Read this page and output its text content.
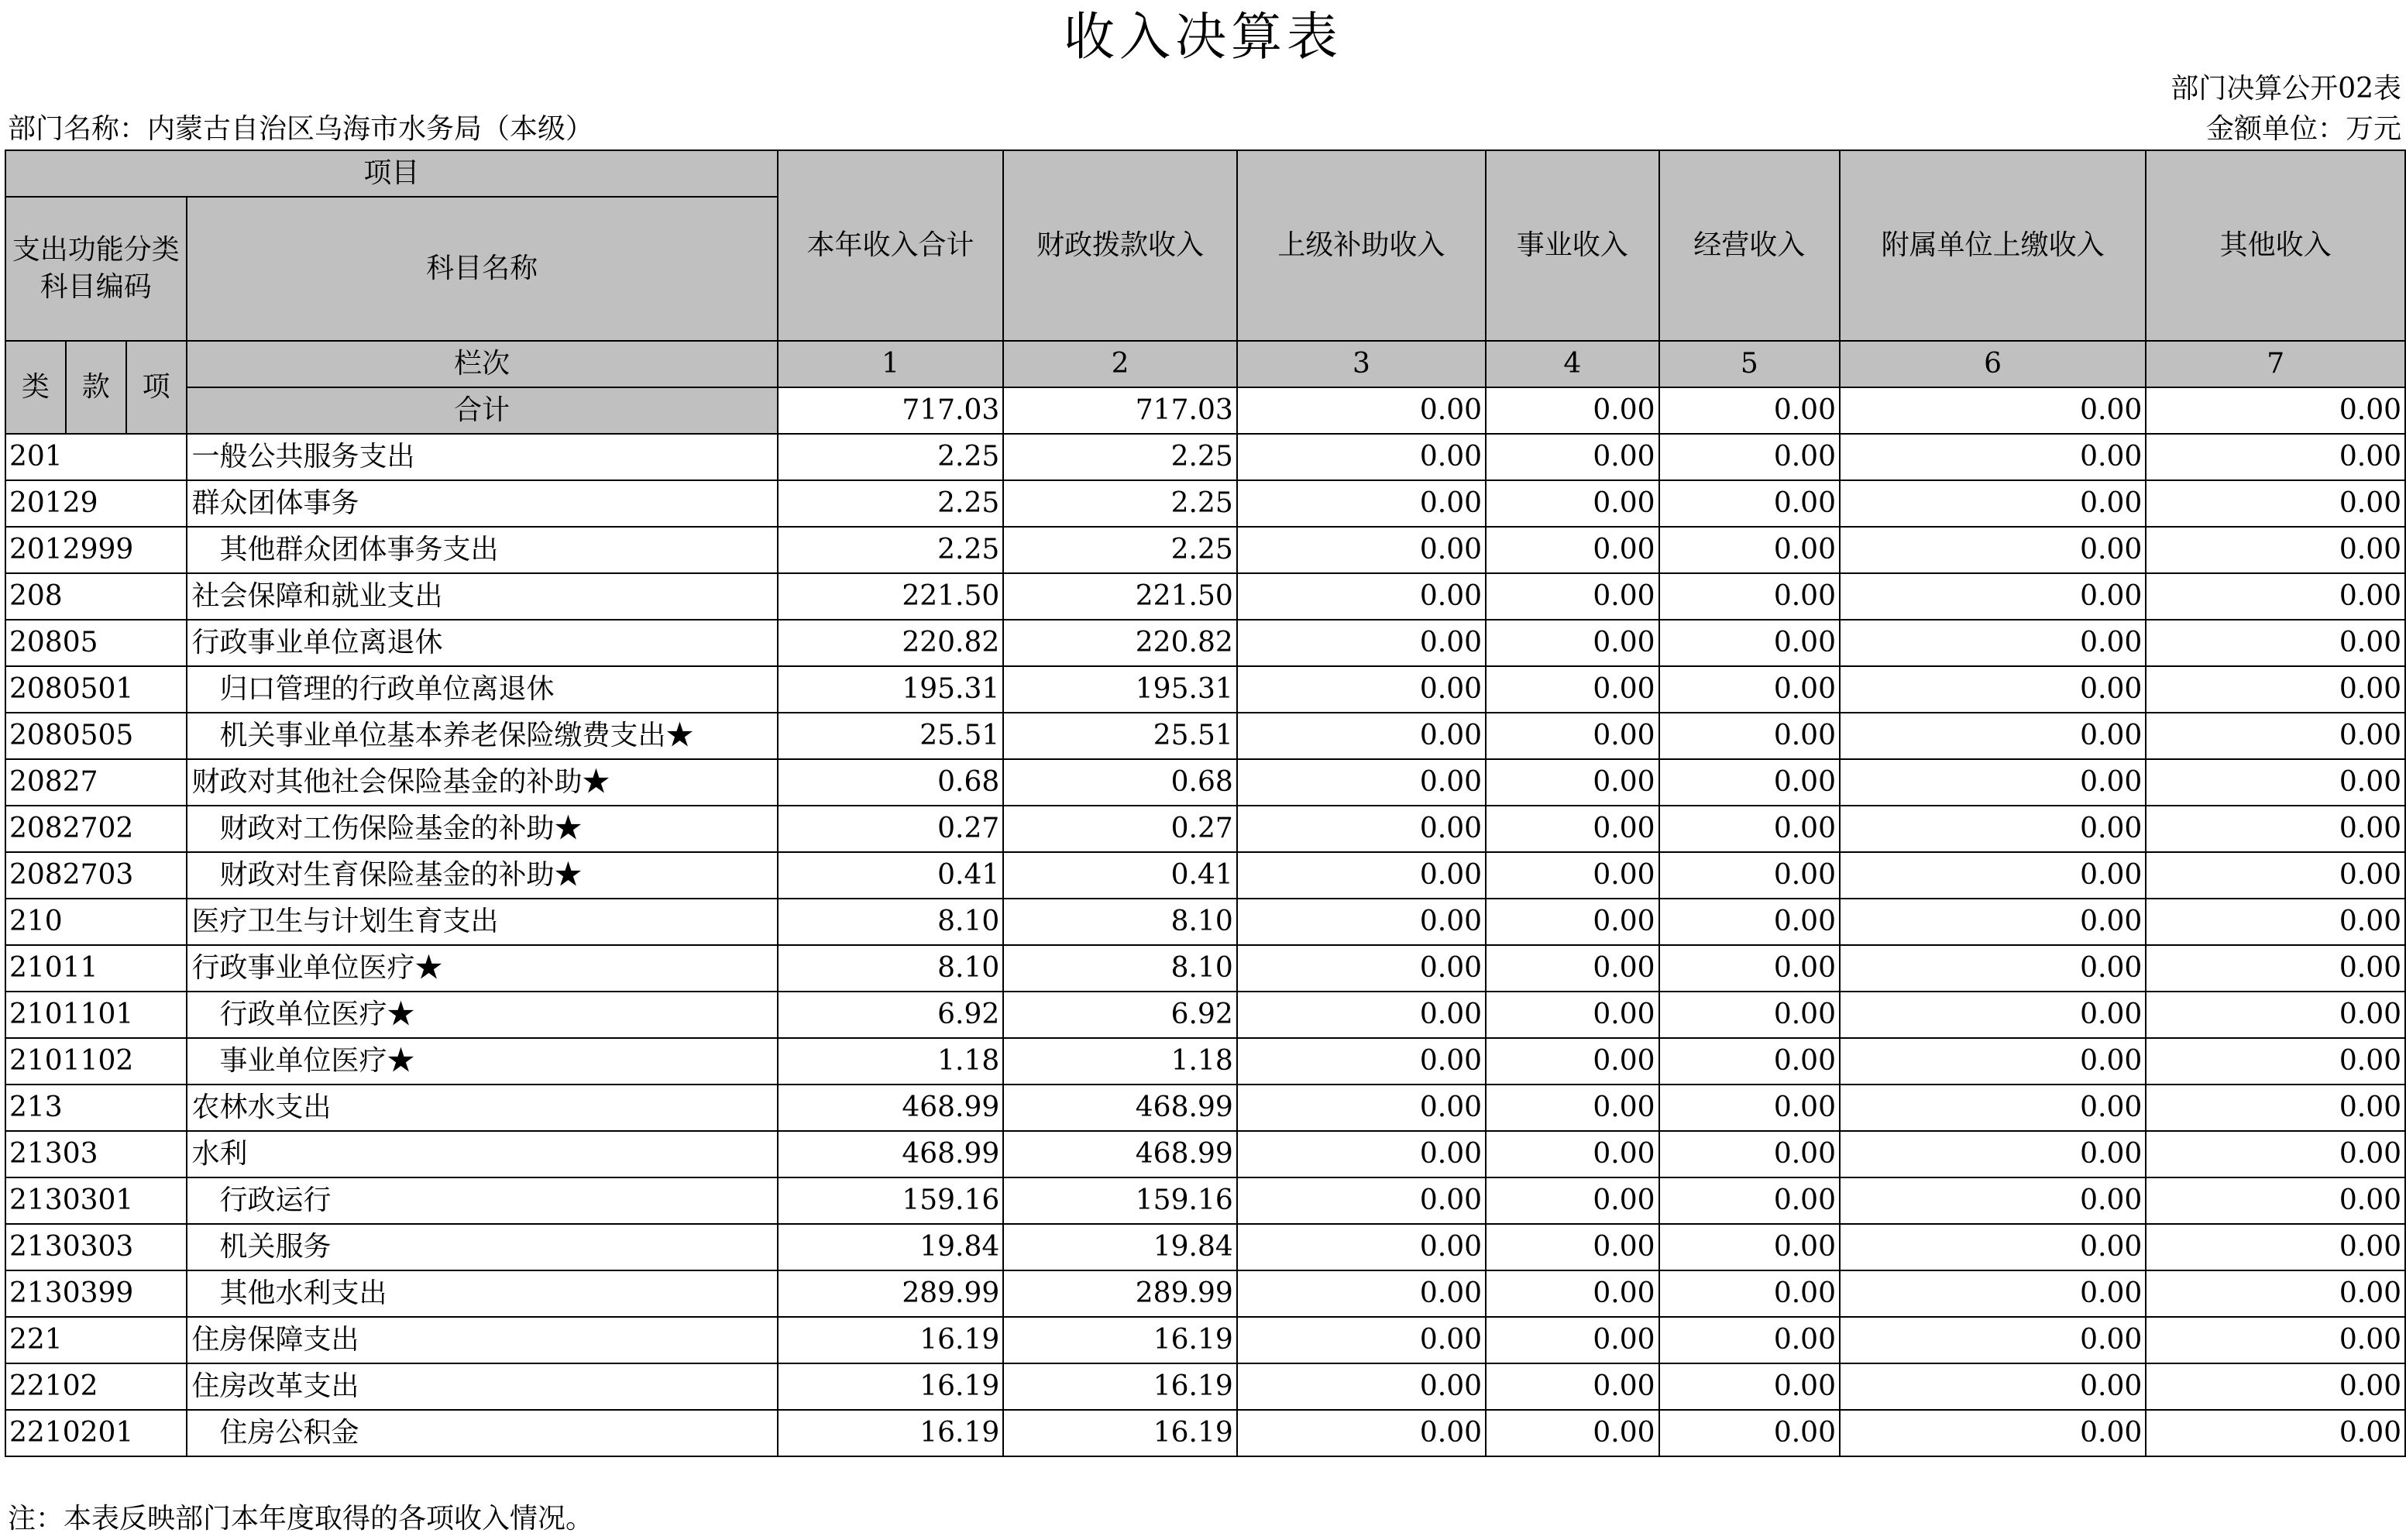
收入决算表
部门决算公开02表
部门名称：内蒙古自治区乌海市水务局（本级）	金额单位：万元
项目				本年收入合计	财政拨款收入	上级补助收入	事业收入	经营收入	附属单位上缴收入	其他收入
支出功能分类科目编码			科目名称							
类	款	项	栏次	1	2	3	4	5	6	7
			合计	717.03	717.03	0.00	0.00	0.00	0.00	0.00
201			一般公共服务支出	2.25	2.25	0.00	0.00	0.00	0.00	0.00
20129			群众团体事务	2.25	2.25	0.00	0.00	0.00	0.00	0.00
2012999			其他群众团体事务支出	2.25	2.25	0.00	0.00	0.00	0.00	0.00
208			社会保障和就业支出	221.50	221.50	0.00	0.00	0.00	0.00	0.00
20805			行政事业单位离退休	220.82	220.82	0.00	0.00	0.00	0.00	0.00
2080501			归口管理的行政单位离退休	195.31	195.31	0.00	0.00	0.00	0.00	0.00
2080505			机关事业单位基本养老保险缴费支出★	25.51	25.51	0.00	0.00	0.00	0.00	0.00
20827			财政对其他社会保险基金的补助★	0.68	0.68	0.00	0.00	0.00	0.00	0.00
2082702			财政对工伤保险基金的补助★	0.27	0.27	0.00	0.00	0.00	0.00	0.00
2082703			财政对生育保险基金的补助★	0.41	0.41	0.00	0.00	0.00	0.00	0.00
210			医疗卫生与计划生育支出	8.10	8.10	0.00	0.00	0.00	0.00	0.00
21011			行政事业单位医疗★	8.10	8.10	0.00	0.00	0.00	0.00	0.00
2101101			行政单位医疗★	6.92	6.92	0.00	0.00	0.00	0.00	0.00
2101102			事业单位医疗★	1.18	1.18	0.00	0.00	0.00	0.00	0.00
213			农林水支出	468.99	468.99	0.00	0.00	0.00	0.00	0.00
21303			水利	468.99	468.99	0.00	0.00	0.00	0.00	0.00
2130301			行政运行	159.16	159.16	0.00	0.00	0.00	0.00	0.00
2130303			机关服务	19.84	19.84	0.00	0.00	0.00	0.00	0.00
2130399			其他水利支出	289.99	289.99	0.00	0.00	0.00	0.00	0.00
221			住房保障支出	16.19	16.19	0.00	0.00	0.00	0.00	0.00
22102			住房改革支出	16.19	16.19	0.00	0.00	0.00	0.00	0.00
2210201			住房公积金	16.19	16.19	0.00	0.00	0.00	0.00	0.00
注：本表反映部门本年度取得的各项收入情况。
